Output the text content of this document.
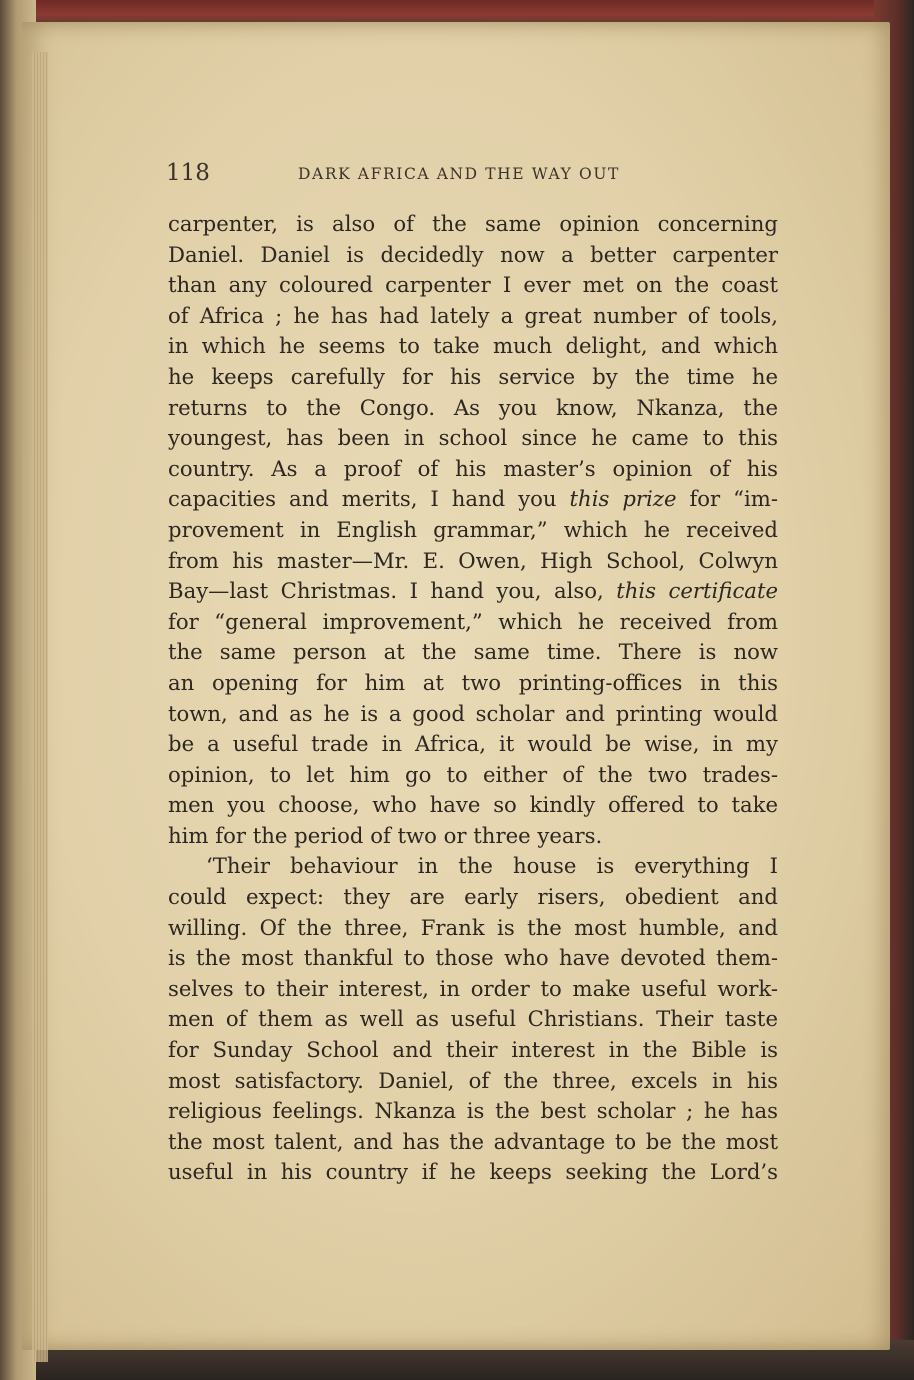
118	DARK AFRICA AND THE WAY OUT
carpenter, is also of the same opinion concerning
Daniel. Daniel is decidedly now a better carpenter
than any coloured carpenter I ever met on the coast
of Africa ; he has had lately a great number of tools,
in which he seems to take much delight, and which
he keeps carefully for his service by the time he
returns to the Congo. As you know, Nkanza, the
youngest, has been in school since he came to this
country. As a proof of his master’s opinion of his
capacities and merits, I hand you this prize for “im-
provement in English grammar,” which he received
from his master—Mr. E. Owen, High School, Colwyn
Bay—last Christmas. I hand you, also, this certificate
for “general improvement,” which he received from
the same person at the same time. There is now
an opening for him at two printing-offices in this
town, and as he is a good scholar and printing would
be a useful trade in Africa, it would be wise, in my
opinion, to let him go to either of the two trades-
men you choose, who have so kindly offered to take
him for the period of two or three years.
‘Their behaviour in the house is everything I
could expect: they are early risers, obedient and
willing. Of the three, Frank is the most humble, and
is the most thankful to those who have devoted them-
selves to their interest, in order to make useful work-
men of them as well as useful Christians. Their taste
for Sunday School and their interest in the Bible is
most satisfactory. Daniel, of the three, excels in his
religious feelings. Nkanza is the best scholar ; he has
the most talent, and has the advantage to be the most
useful in his country if he keeps seeking the Lord’s
